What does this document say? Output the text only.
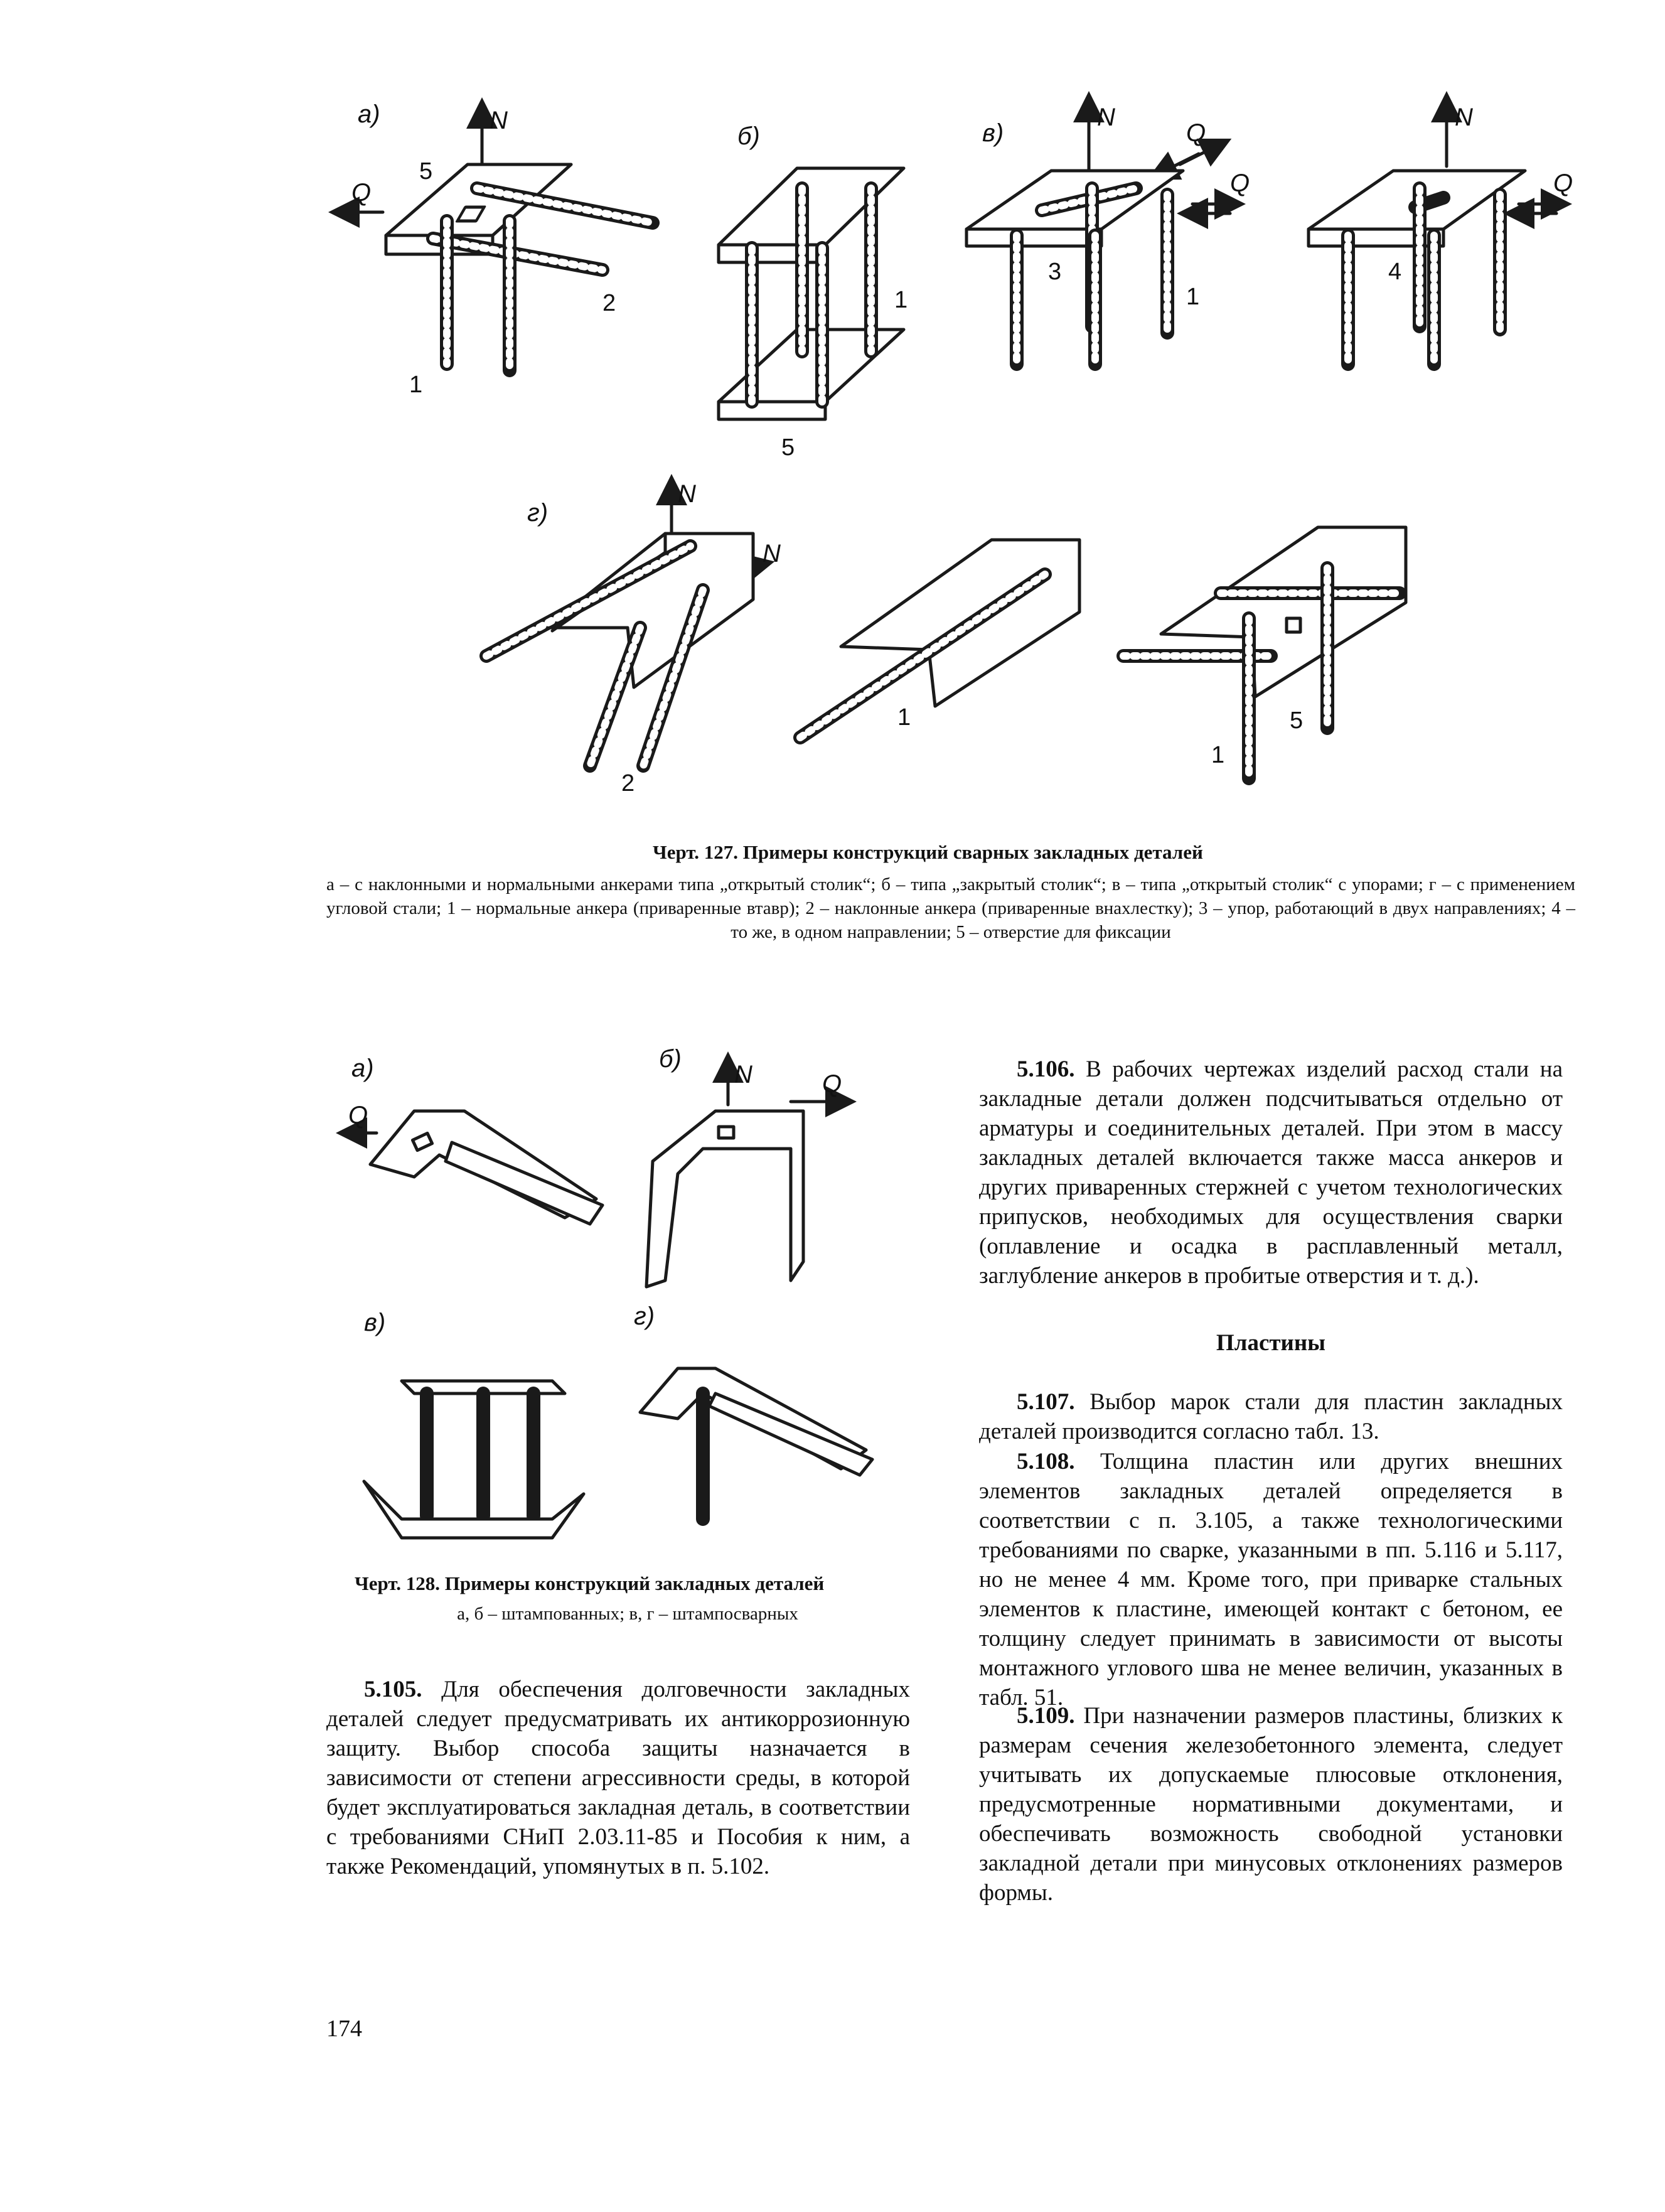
а)	N
Q
5
2
1
б)
1
5
в)
N
Q
Q
3
1
N
Q
4
г)
N
N
2
1	5
1
Черт. 127. Примеры конструкций сварных закладных деталей
а – с наклонными и нормальными анкерами типа „открытый столик“; б – типа „закрытый столик“; в – типа „открытый столик“ с упорами; г – с применением угловой стали; 1 – нормальные анкера (приваренные втавр); 2 – наклонные анкера (приваренные внахлестку); 3 – упор, работающий в двух направлениях; 4 – то же, в одном направлении; 5 – отверстие для фиксации
а)
Q
б)
N	Q
в)	г)
Черт. 128. Примеры конструкций закладных деталей
а, б – штампованных; в, г – штампосварных

5.105. Для обеспечения долговечности закладных деталей следует предусматривать их антикоррозионную защиту. Выбор способа защиты назначается в зависимости от степени агрессивности среды, в которой будет эксплуатироваться закладная деталь, в соответствии с требованиями СНиП 2.03.11-85 и Пособия к ним, а также Рекомендаций, упомянутых в п. 5.102.

5.106. В рабочих чертежах изделий расход стали на закладные детали должен подсчитываться отдельно от арматуры и соединительных деталей. При этом в массу закладных деталей включается также масса анкеров и других приваренных стержней с учетом технологических припусков, необходимых для осуществления сварки (оплавление и осадка в расплавленный металл, заглубление анкеров в пробитые отверстия и т. д.).

Пластины

5.107. Выбор марок стали для пластин закладных деталей производится согласно табл. 13.

5.108. Толщина пластин или других внешних элементов закладных деталей определяется в соответствии с п. 3.105, а также технологическими требованиями по сварке, указанными в пп. 5.116 и 5.117, но не менее 4 мм. Кроме того, при приварке стальных элементов к пластине, имеющей контакт с бетоном, ее толщину следует принимать в зависимости от высоты монтажного углового шва не менее величин, указанных в табл. 51.

5.109. При назначении размеров пластины, близких к размерам сечения железобетонного элемента, следует учитывать их допускаемые плюсовые отклонения, предусмотренные нормативными документами, и обеспечивать возможность свободной установки закладной детали при минусовых отклонениях размеров формы.

174
